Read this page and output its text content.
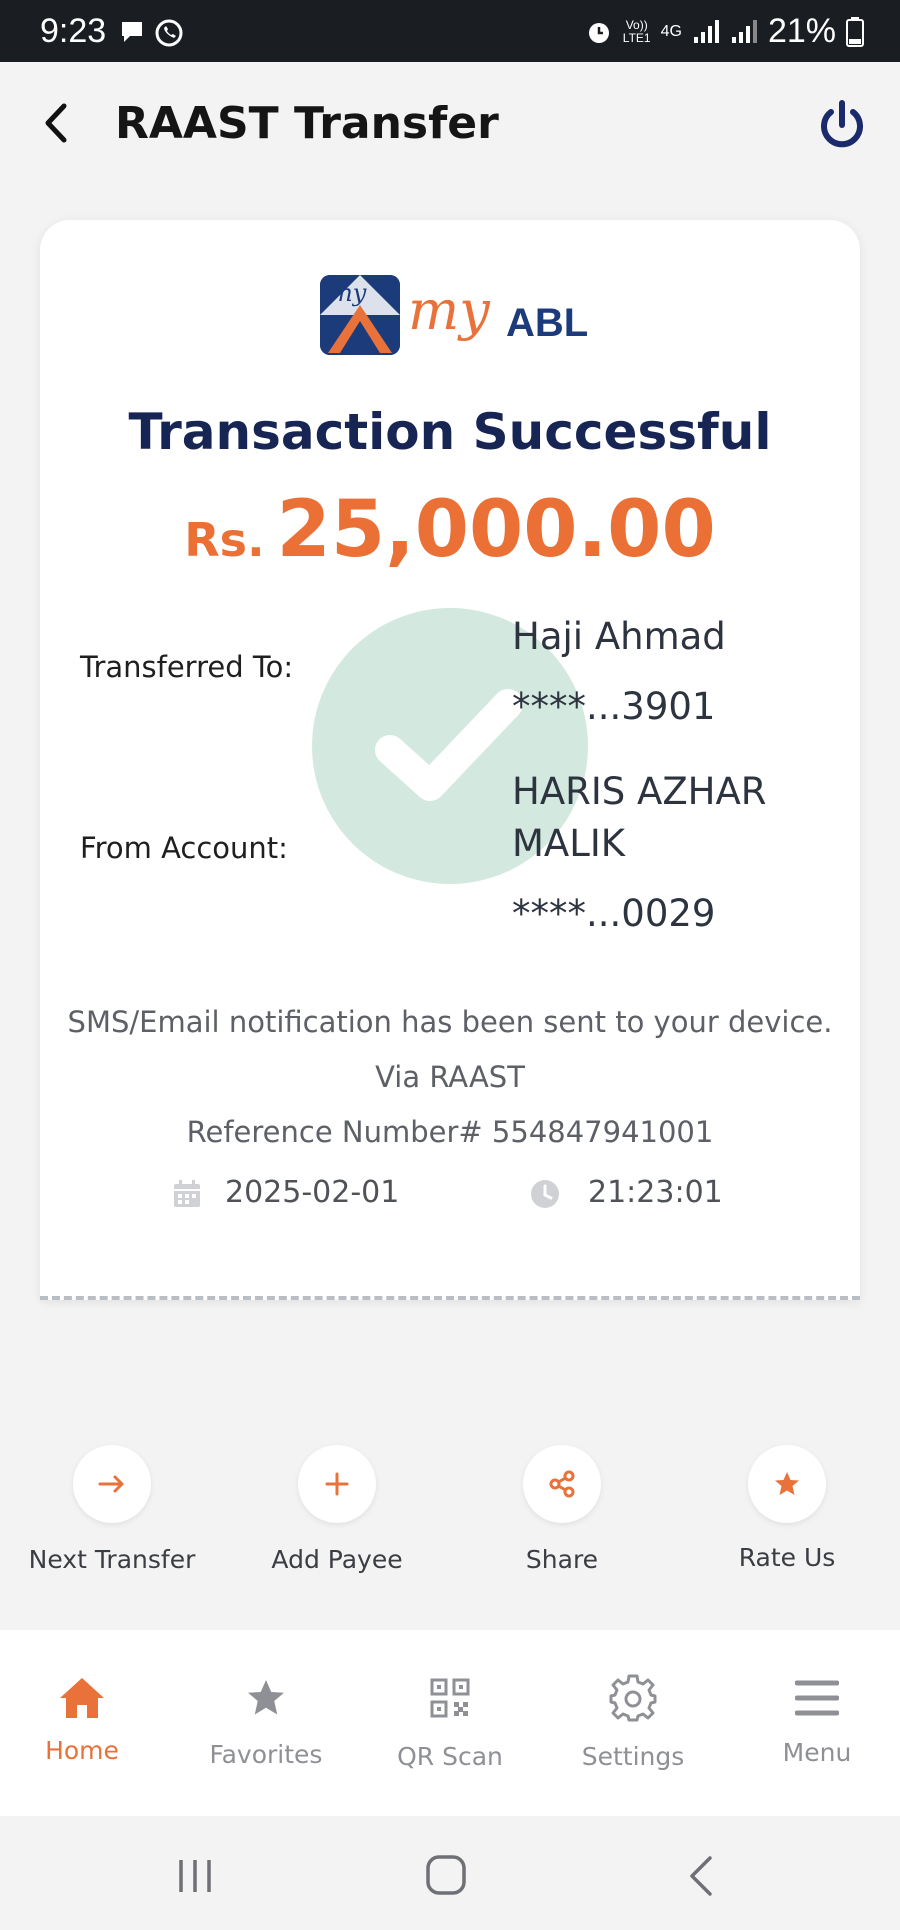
9:23	Vo))
LTE1 4G	21%
RAAST Transfer
my my ABL
Transaction Successful
Rs. 25,000.00
Transferred To:
Haji Ahmad
****...3901
From Account:
HARIS AZHAR
MALIK
****...0029
SMS/Email notification has been sent to your device.
Via RAAST
Reference Number# 554847941001
2025-02-01	21:23:01
Next Transfer	Add Payee	Share	Rate Us
Home	Favorites	QR Scan	Settings	Menu
